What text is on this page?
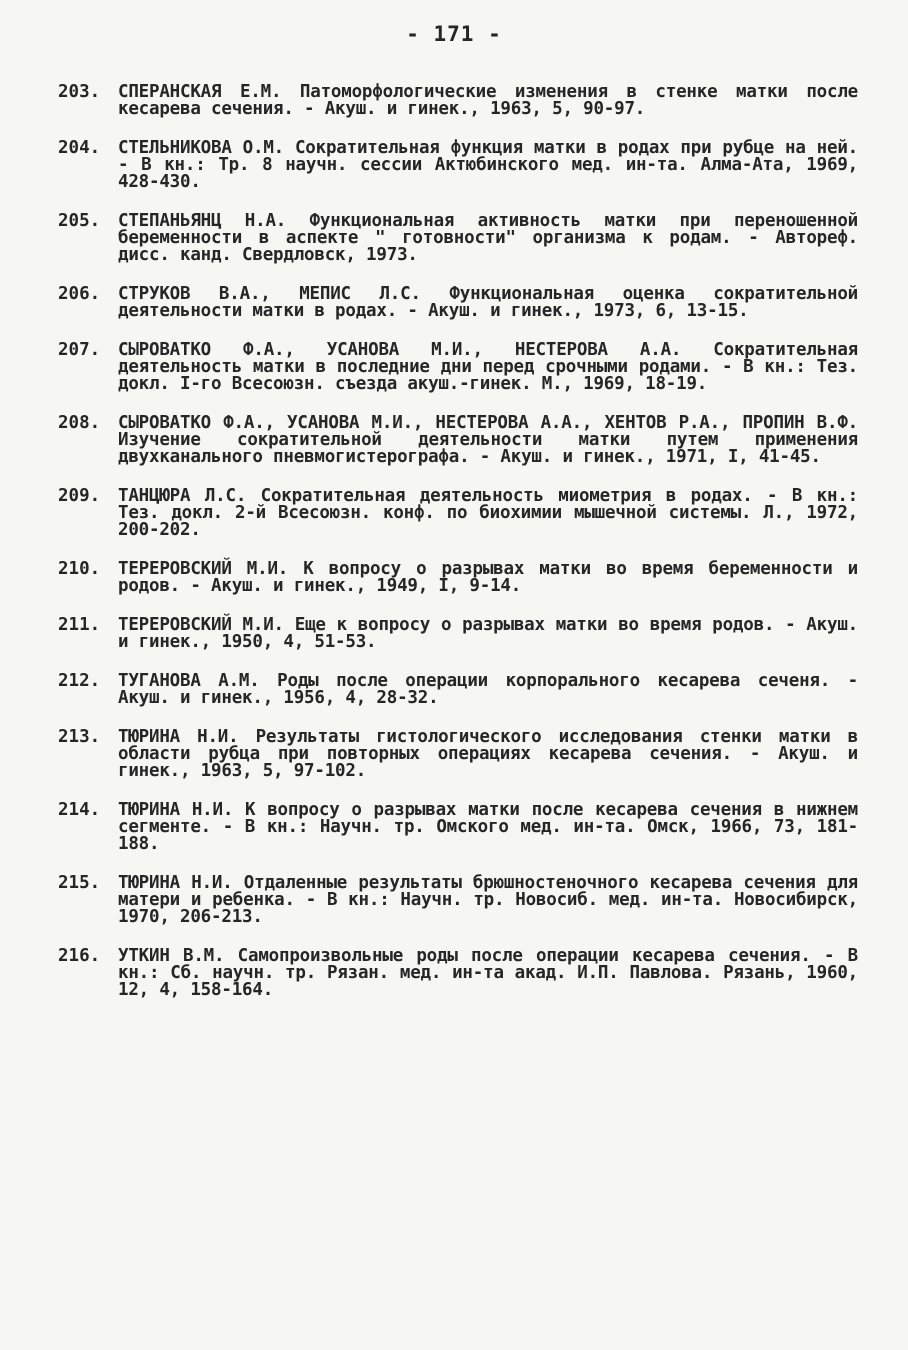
- 171 -
203.	СПЕРАНСКАЯ Е.М. Патоморфологические изменения в стенке матки после кесарева сечения. - Акуш. и гинек., 1963, 5, 90-97.
204.	СТЕЛЬНИКОВА О.М. Сократительная функция матки в родах при рубце на ней. - В кн.: Тр. 8 научн. сессии Актюбинского мед. ин-та. Алма-Ата, 1969, 428-430.
205.	СТЕПАНЬЯНЦ Н.А. Функциональная активность матки при переношенной беременности в аспекте " готовности" организма к родам. - Автореф. дисс. канд. Свердловск, 1973.
206.	СТРУКОВ В.А., МЕПИС Л.С. Функциональная оценка сократительной деятельности матки в родах. - Акуш. и гинек., 1973, 6, 13-15.
207.	СЫРОВАТКО Ф.А., УСАНОВА М.И., НЕСТЕРОВА А.А. Сократительная деятельность матки в последние дни перед срочными родами. - В кн.: Тез. докл. I-го Всесоюзн. съезда акуш.-гинек. М., 1969, 18-19.
208.	СЫРОВАТКО Ф.А., УСАНОВА М.И., НЕСТЕРОВА А.А., ХЕНТОВ Р.А., ПРОПИН В.Ф. Изучение сократительной деятельности матки путем применения двухканального пневмогистерографа. - Акуш. и гинек., 1971, I, 41-45.
209.	ТАНЦЮРА Л.С. Сократительная деятельность миометрия в родах. - В кн.: Тез. докл. 2-й Всесоюзн. конф. по биохимии мышечной системы. Л., 1972, 200-202.
210.	ТЕРЕРОВСКИЙ М.И. К вопросу о разрывах матки во время беременности и родов. - Акуш. и гинек., 1949, I, 9-14.
211.	ТЕРЕРОВСКИЙ М.И. Еще к вопросу о разрывах матки во время родов. - Акуш. и гинек., 1950, 4, 51-53.
212.	ТУГАНОВА А.М. Роды после операции корпорального кесарева сеченя. - Акуш. и гинек., 1956, 4, 28-32.
213.	ТЮРИНА Н.И. Результаты гистологического исследования стенки матки в области рубца при повторных операциях кесарева сечения. - Акуш. и гинек., 1963, 5, 97-102.
214.	ТЮРИНА Н.И. К вопросу о разрывах матки после кесарева сечения в нижнем сегменте. - В кн.: Научн. тр. Омского мед. ин-та. Омск, 1966, 73, 181-188.
215.	ТЮРИНА Н.И. Отдаленные результаты брюшностеночного кесарева сечения для матери и ребенка. - В кн.: Научн. тр. Новосиб. мед. ин-та. Новосибирск, 1970, 206-213.
216.	УТКИН В.М. Самопроизвольные роды после операции кесарева сечения. - В кн.: Сб. научн. тр. Рязан. мед. ин-та акад. И.П. Павлова. Рязань, 1960, 12, 4, 158-164.
